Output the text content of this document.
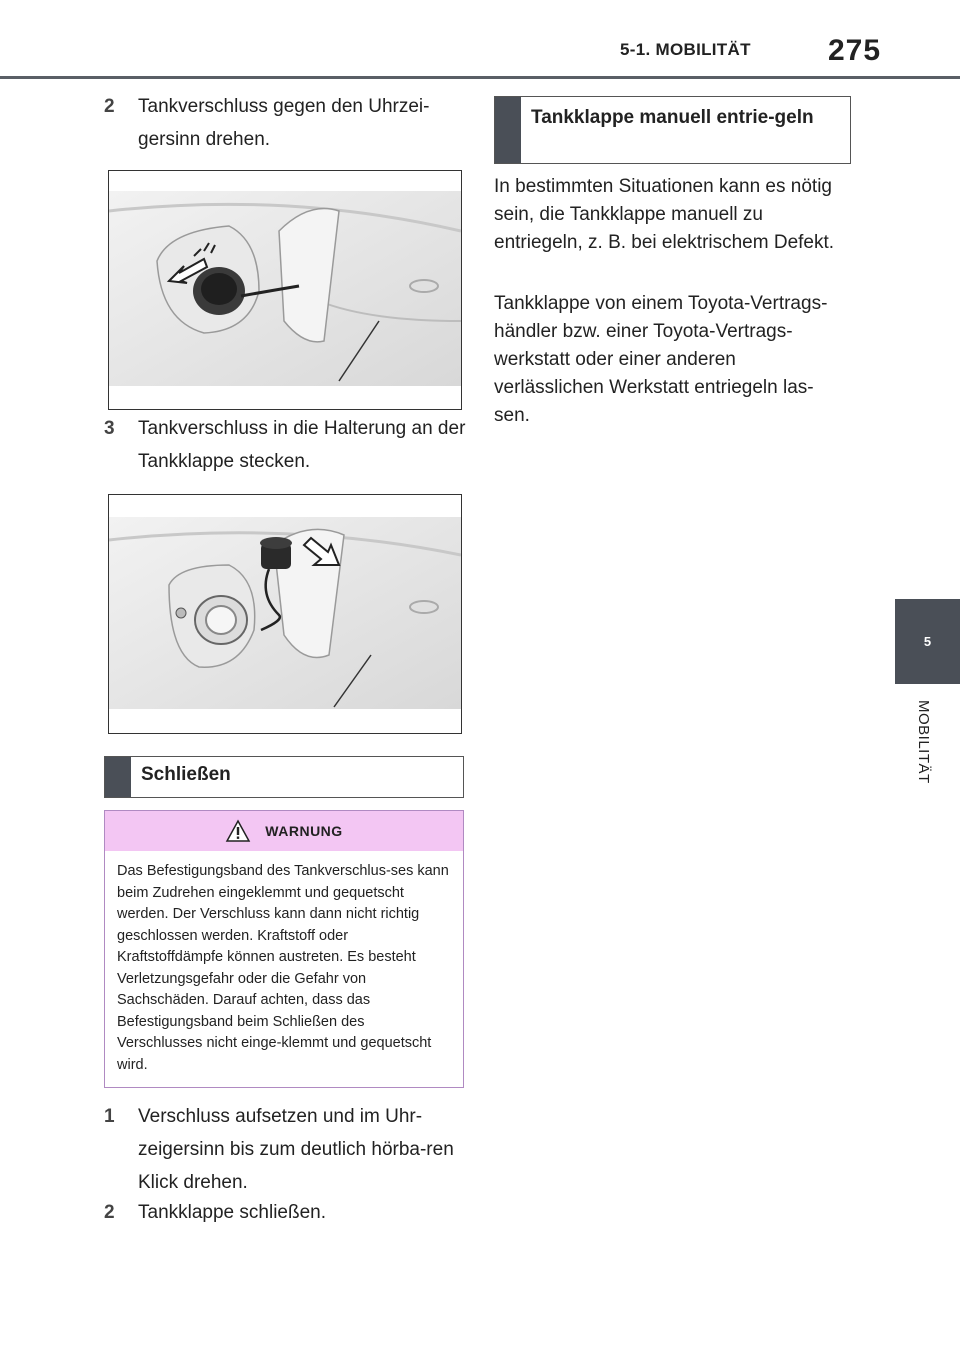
5-1. MOBILITÄT	275
5
MOBILITÄT
2 Tankverschluss gegen den Uhrzei-gersinn drehen.
3 Tankverschluss in die Halterung an der Tankklappe stecken.
Schließen
WARNUNG
Das Befestigungsband des Tankverschlus-ses kann beim Zudrehen eingeklemmt und gequetscht werden. Der Verschluss kann dann nicht richtig geschlossen werden. Kraftstoff oder Kraftstoffdämpfe können austreten. Es besteht Verletzungsgefahr oder die Gefahr von Sachschäden. Darauf achten, dass das Befestigungsband beim Schließen des Verschlusses nicht einge-klemmt und gequetscht wird.
1 Verschluss aufsetzen und im Uhr-zeigersinn bis zum deutlich hörba-ren Klick drehen.
2 Tankklappe schließen.
Tankklappe manuell entrie-geln
In bestimmten Situationen kann es nötig sein, die Tankklappe manuell zu entriegeln, z. B. bei elektrischem Defekt.
Tankklappe von einem Toyota-Vertrags-händler bzw. einer Toyota-Vertrags-werkstatt oder einer anderen verlässlichen Werkstatt entriegeln las-sen.
